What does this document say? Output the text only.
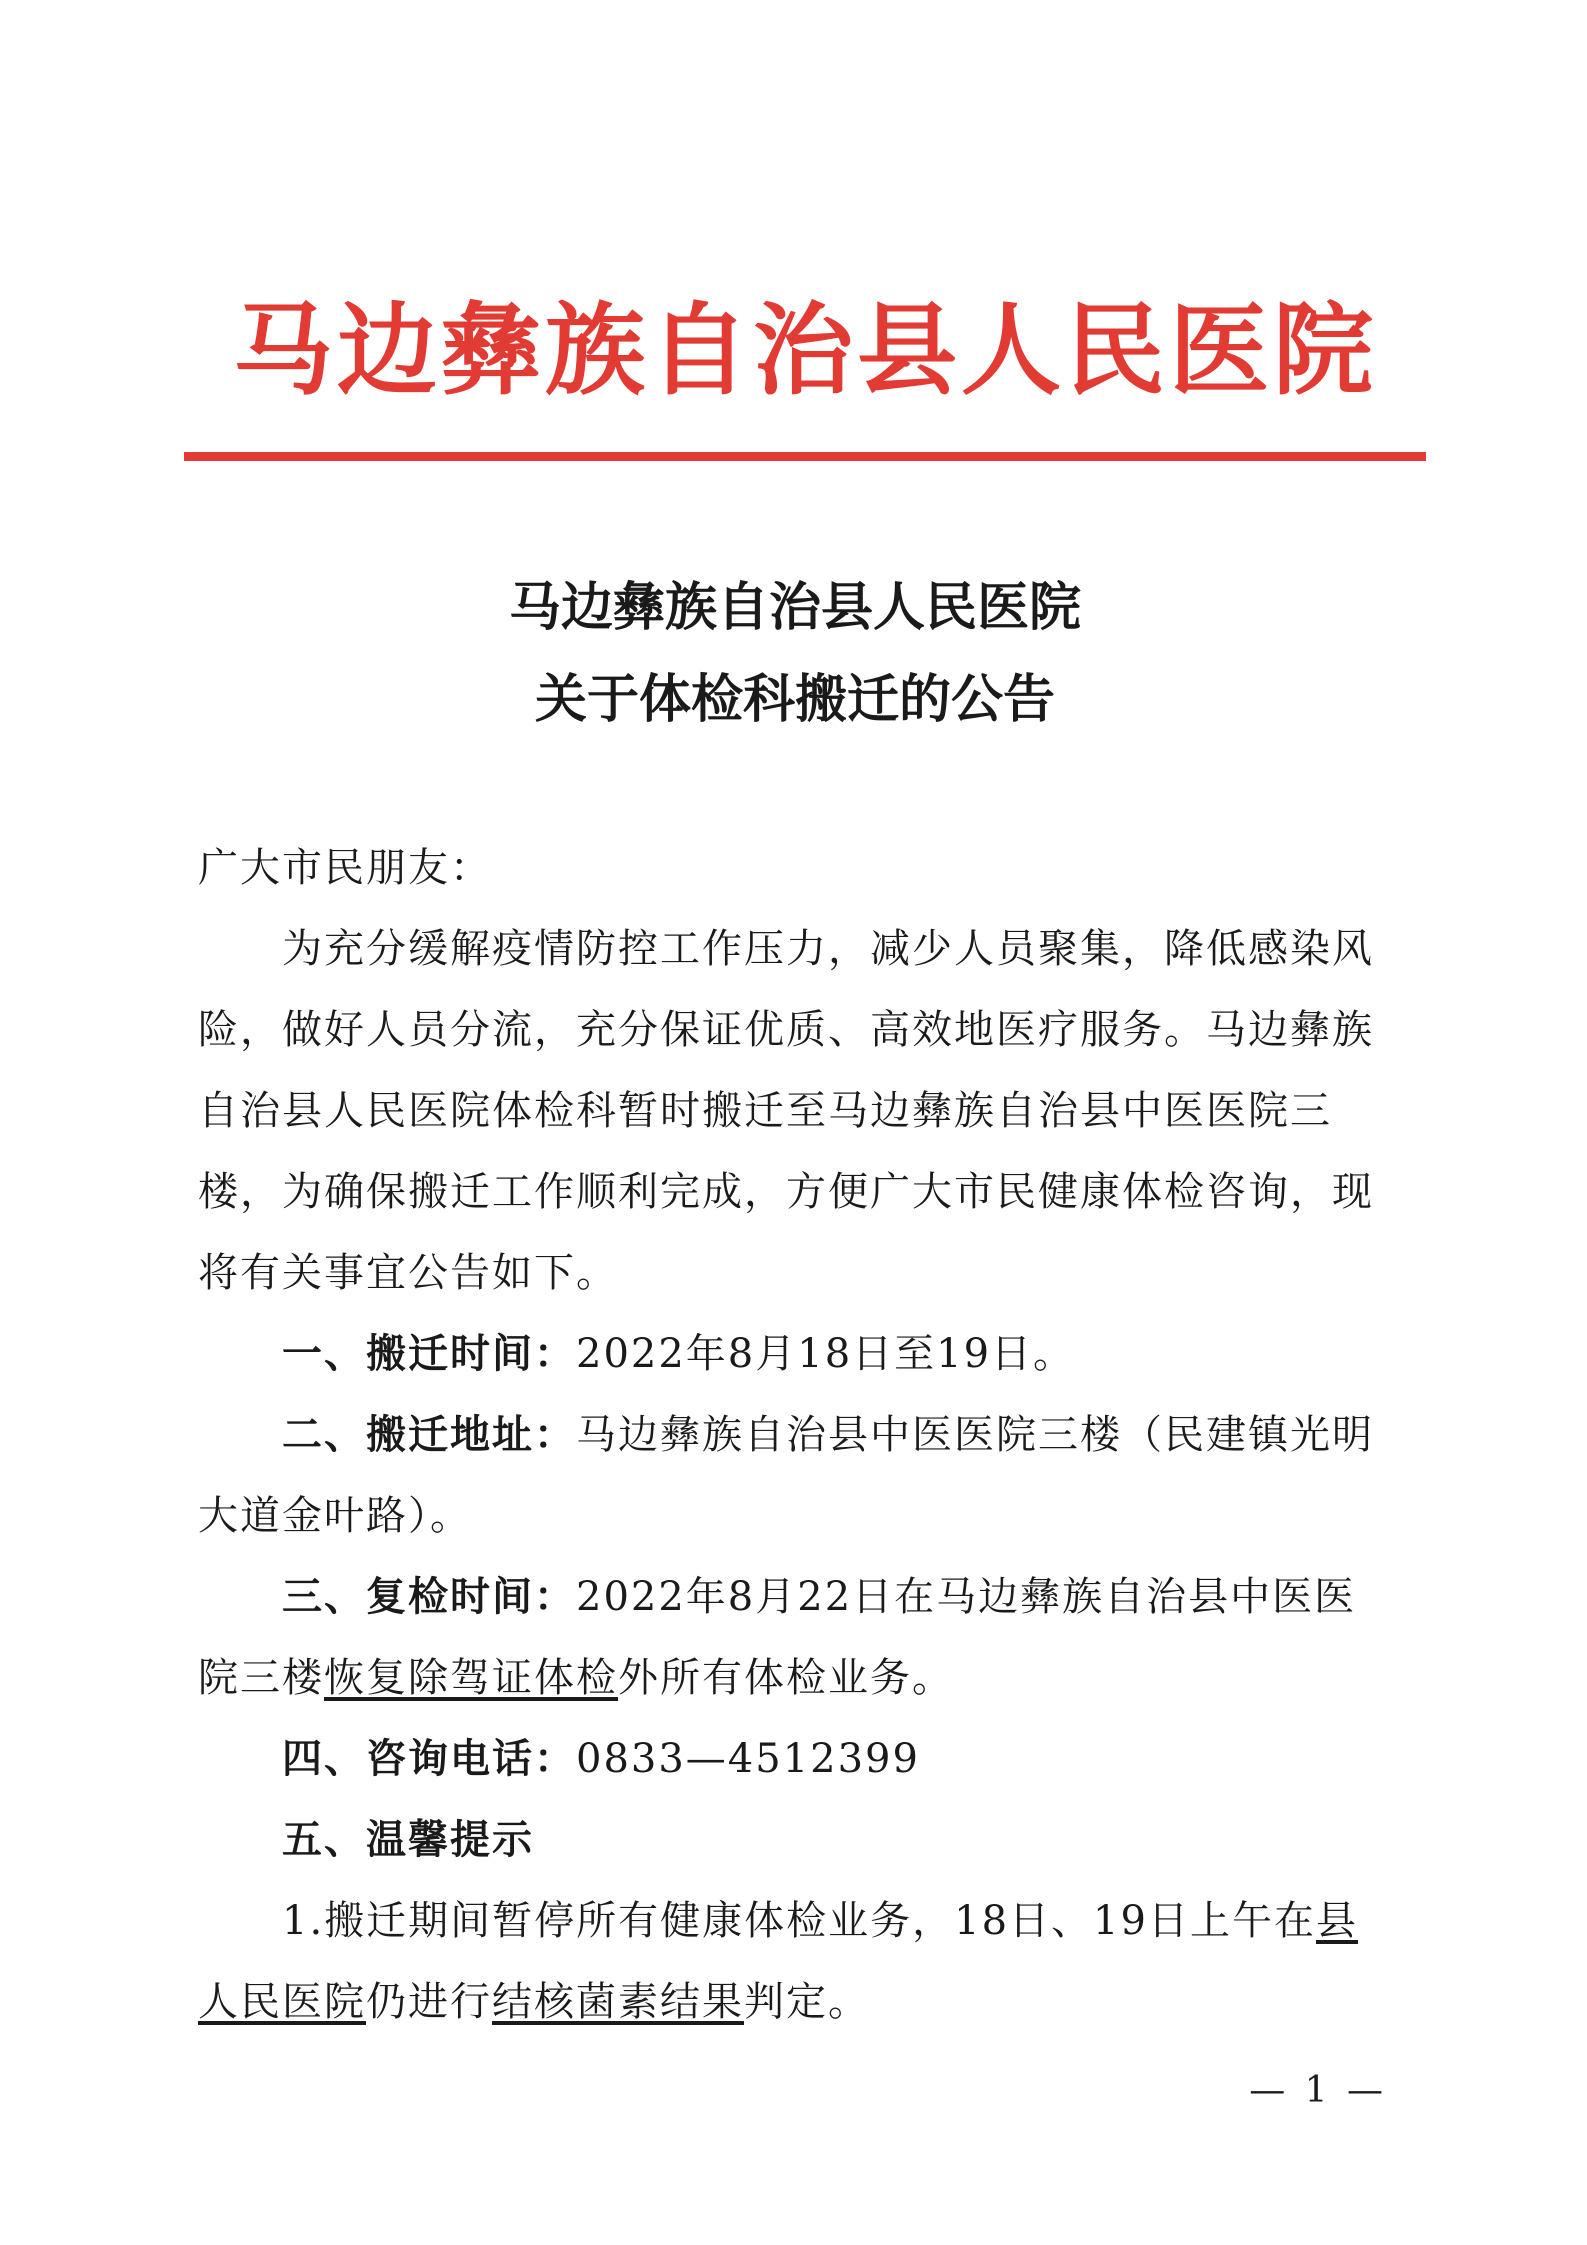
马边彝族自治县人民医院
马边彝族自治县人民医院
关于体检科搬迁的公告

广大市民朋友：

为充分缓解疫情防控工作压力，减少人员聚集，降低感染风险，做好人员分流，充分保证优质、高效地医疗服务。马边彝族自治县人民医院体检科暂时搬迁至马边彝族自治县中医医院三楼，为确保搬迁工作顺利完成，方便广大市民健康体检咨询，现将有关事宜公告如下。

一、搬迁时间：2022年8月18日至19日。

二、搬迁地址：马边彝族自治县中医医院三楼（民建镇光明大道金叶路）。

三、复检时间：2022年8月22日在马边彝族自治县中医医院三楼恢复除驾证体检外所有体检业务。

四、咨询电话：0833—4512399

五、温馨提示

1.搬迁期间暂停所有健康体检业务，18日、19日上午在县人民医院仍进行结核菌素结果判定。

— 1 —
